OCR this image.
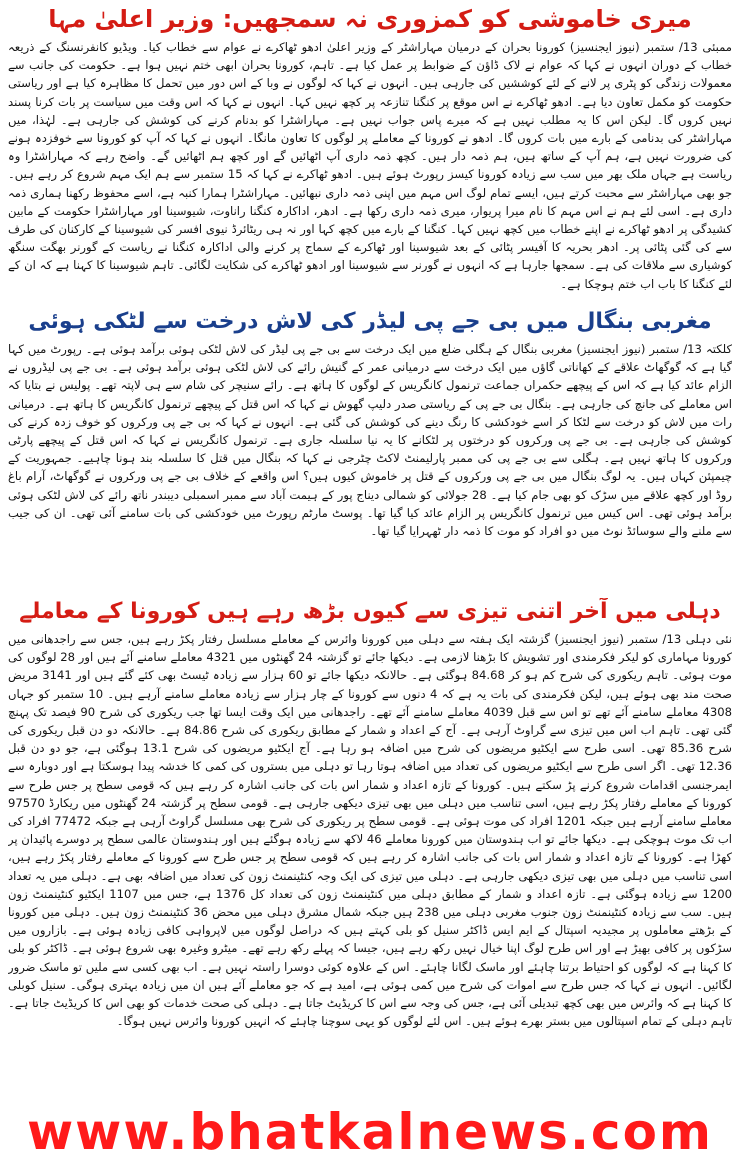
میری خاموشی کو کمزوری نہ سمجھیں: وزیر اعلیٰ مہا

ممبئی 13/ ستمبر (نیوز ایجنسیز) کورونا بحران کے درمیان مہاراشٹر کے وزیر اعلیٰ ادھو ٹھاکرے نے عوام سے خطاب کیا۔ ویڈیو کانفرنسنگ کے ذریعہ خطاب کے دوران انہوں نے کہا کہ عوام نے لاک ڈاؤن کے ضوابط پر عمل کیا ہے۔ تاہم، کورونا بحران ابھی ختم نہیں ہوا ہے۔ حکومت کی جانب سے معمولات زندگی کو پٹری پر لانے کے لئے کوششیں کی جارہی ہیں۔ انہوں نے کہا کہ لوگوں نے وبا کے اس دور میں تحمل کا مظاہرہ کیا ہے اور ریاستی حکومت کو مکمل تعاون دیا ہے۔ ادھو ٹھاکرے نے اس موقع پر کنگنا تنازعہ پر کچھ نہیں کہا۔ انہوں نے کہا کہ اس وقت میں سیاست پر بات کرنا پسند نہیں کروں گا۔ لیکن اس کا یہ مطلب نہیں ہے کہ میرے پاس جواب نہیں ہے۔ مہاراشٹرا کو بدنام کرنے کی کوشش کی جارہی ہے۔ لہٰذا، میں مہاراشٹر کی بدنامی کے بارے میں بات کروں گا۔ ادھو نے کورونا کے معاملے پر لوگوں کا تعاون مانگا۔ انہوں نے کہا کہ آپ کو کورونا سے خوفزدہ ہونے کی ضرورت نہیں ہے، ہم آپ کے ساتھ ہیں، ہم ذمہ دار ہیں۔ کچھ ذمہ داری آپ اٹھائیں گے اور کچھ ہم اٹھائیں گے۔ واضح رہے کہ مہاراشٹرا وہ ریاست ہے جہاں ملک بھر میں سب سے زیادہ کورونا کیسز رپورٹ ہوئے ہیں۔ ادھو ٹھاکرے نے کہا کہ 15 ستمبر سے ہم ایک مہم شروع کر رہے ہیں۔ جو بھی مہاراشٹر سے محبت کرتے ہیں، ایسے تمام لوگ اس مہم میں اپنی ذمہ داری نبھائیں۔ مہاراشٹرا ہمارا کنبہ ہے، اسے محفوظ رکھنا ہماری ذمہ داری ہے۔ اسی لئے ہم نے اس مہم کا نام میرا پریوار، میری ذمہ داری رکھا ہے۔ ادھر، اداکارہ کنگنا راناوت، شیوسینا اور مہاراشٹرا حکومت کے مابین کشیدگی پر ادھو ٹھاکرے نے اپنے خطاب میں کچھ نہیں کہا۔ کنگنا کے بارے میں کچھ کہا اور نہ ہی ریٹائرڈ نیوی افسر کی شیوسینا کے کارکنان کی طرف سے کی گئی پٹائی پر۔ ادھر بحریہ کا آفیسر پٹائی کے بعد شیوسینا اور ٹھاکرے کے سماج پر کرنے والی اداکارہ کنگنا نے ریاست کے گورنر بھگت سنگھ کوشیاری سے ملاقات کی ہے۔ سمجھا جارہا ہے کہ انہوں نے گورنر سے شیوسینا اور ادھو ٹھاکرے کی شکایت لگائی۔ تاہم شیوسینا کا کہنا ہے کہ ان کے لئے کنگنا کا باب اب ختم ہوچکا ہے۔

مغربی بنگال میں بی جے پی لیڈر کی لاش درخت سے لٹکی ہوئی

کلکتہ 13/ ستمبر (نیوز ایجنسیز) مغربی بنگال کے ہگلی ضلع میں ایک درخت سے بی جے پی لیڈر کی لاش لٹکی ہوئی برآمد ہوئی ہے۔ رپورٹ میں کہا گیا ہے کہ گوگھاٹ علاقے کے کھاناتی گاؤں میں ایک درخت سے درمیانی عمر کے گنیش رائے کی لاش لٹکی ہوئی برآمد ہوئی ہے۔ بی جے پی لیڈروں نے الزام عائد کیا ہے کہ اس کے پیچھے حکمراں جماعت ترنمول کانگریس کے لوگوں کا ہاتھ ہے۔ رائے سنیچر کی شام سے ہی لاپتہ تھے۔ پولیس نے بتایا کہ اس معاملے کی جانچ کی جارہی ہے۔ بنگال بی جے پی کے ریاستی صدر دلیپ گھوش نے کہا کہ اس قتل کے پیچھے ترنمول کانگریس کا ہاتھ ہے۔ درمیانی رات میں لاش کو درخت سے لٹکا کر اسے خودکشی کا رنگ دینے کی کوشش کی گئی ہے۔ انہوں نے کہا کہ بی جے پی ورکروں کو خوف زدہ کرنے کی کوشش کی جارہی ہے۔ بی جے پی ورکروں کو درختوں پر لٹکانے کا یہ نیا سلسلہ جاری ہے۔ ترنمول کانگریس نے کہا کہ اس قتل کے پیچھے پارٹی ورکروں کا ہاتھ نہیں ہے۔ ہگلی سے بی جے پی کی ممبر پارلیمنٹ لاکٹ چٹرجی نے کہا کہ بنگال میں قتل کا سلسلہ بند ہونا چاہیے۔ جمہوریت کے چیمپئن کہاں ہیں۔ یہ لوگ بنگال میں بی جے پی ورکروں کے قتل پر خاموش کیوں ہیں؟ اس واقعے کے خلاف بی جے پی ورکروں نے گوگھاٹ، آرام باغ روڈ اور کچھ علاقے میں سڑک کو بھی جام کیا ہے۔ 28 جولائی کو شمالی دیناج پور کے ہیمت آباد سے ممبر اسمبلی دیبندر ناتھ رائے کی لاش لٹکی ہوئی برآمد ہوئی تھی۔ اس کیس میں ترنمول کانگریس پر الزام عائد کیا گیا تھا۔ پوسٹ مارٹم رپورٹ میں خودکشی کی بات سامنے آئی تھی۔ ان کی جیب سے ملنے والے سوسائڈ نوٹ میں دو افراد کو موت کا ذمہ دار ٹھہرایا گیا تھا۔

دہلی میں آخر اتنی تیزی سے کیوں بڑھ رہے ہیں کورونا کے معاملے

نئی دہلی 13/ ستمبر (نیوز ایجنسیز) گزشتہ ایک ہفتہ سے دہلی میں کورونا وائرس کے معاملے مسلسل رفتار پکڑ رہے ہیں، جس سے راجدھانی میں کورونا مہاماری کو لیکر فکرمندی اور تشویش کا بڑھنا لازمی ہے۔ دیکھا جائے تو گزشتہ 24 گھنٹوں میں 4321 معاملے سامنے آئے ہیں اور 28 لوگوں کی موت ہوئی۔ تاہم ریکوری کی شرح کم ہو کر 84.68 ہوگئی ہے۔ حالانکہ دیکھا جائے تو 60 ہزار سے زیادہ ٹیسٹ بھی کئے گئے ہیں اور 3141 مریض صحت مند بھی ہوئے ہیں، لیکن فکرمندی کی بات یہ ہے کہ 4 دنوں سے کورونا کے چار ہزار سے زیادہ معاملے سامنے آرہے ہیں۔ 10 ستمبر کو جہاں 4308 معاملے سامنے آئے تھے تو اس سے قبل 4039 معاملے سامنے آئے تھے۔ راجدھانی میں ایک وقت ایسا تھا جب ریکوری کی شرح 90 فیصد تک پہنچ گئی تھی۔ تاہم اب اس میں تیزی سے گراوٹ آرہی ہے۔ آج کے اعداد و شمار کے مطابق ریکوری کی شرح 84.86 ہے۔ حالانکہ دو دن قبل ریکوری کی شرح 85.36 تھی۔ اسی طرح سے ایکٹیو مریضوں کی شرح میں اضافہ ہو رہا ہے۔ آج ایکٹیو مریضوں کی شرح 13.1 ہوگئی ہے، جو دو دن قبل 12.36 تھی۔ اگر اسی طرح سے ایکٹیو مریضوں کی تعداد میں اضافہ ہوتا رہا تو دہلی میں بستروں کی کمی کا خدشہ پیدا ہوسکتا ہے اور دوبارہ سے ایمرجنسی اقدامات شروع کرنے پڑ سکتے ہیں۔ کورونا کے تازہ اعداد و شمار اس بات کی جانب اشارہ کر رہے ہیں کہ قومی سطح پر جس طرح سے کورونا کے معاملے رفتار پکڑ رہے ہیں، اسی تناسب میں دہلی میں بھی تیزی دیکھی جارہی ہے۔ قومی سطح پر گزشتہ 24 گھنٹوں میں ریکارڈ 97570 معاملے سامنے آرہے ہیں جبکہ 1201 افراد کی موت ہوئی ہے۔ قومی سطح پر ریکوری کی شرح بھی مسلسل گراوٹ آرہی ہے جبکہ 77472 افراد کی اب تک موت ہوچکی ہے۔ دیکھا جائے تو اب ہندوستان میں کورونا معاملے 46 لاکھ سے زیادہ ہوگئے ہیں اور ہندوستان عالمی سطح پر دوسرے پائیدان پر کھڑا ہے۔ کورونا کے تازہ اعداد و شمار اس بات کی جانب اشارہ کر رہے ہیں کہ قومی سطح پر جس طرح سے کورونا کے معاملے رفتار پکڑ رہے ہیں، اسی تناسب میں دہلی میں بھی تیزی دیکھی جارہی ہے۔ دہلی میں تیزی کی ایک وجہ کنٹینمنٹ زون کی تعداد میں اضافہ بھی ہے۔ دہلی میں یہ تعداد 1200 سے زیادہ ہوگئی ہے۔ تازہ اعداد و شمار کے مطابق دہلی میں کنٹینمنٹ زون کی تعداد کل 1376 ہے، جس میں 1107 ایکٹیو کنٹینمنٹ زون ہیں۔ سب سے زیادہ کنٹینمنٹ زون جنوب مغربی دہلی میں 238 ہیں جبکہ شمال مشرق دہلی میں محض 36 کنٹینمنٹ زون ہیں۔ دہلی میں کورونا کے بڑھتے معاملوں پر مجیدیہ اسپتال کے ایم ایس ڈاکٹر سنیل کو بلی کہتے ہیں کہ دراصل لوگوں میں لاپرواہی کافی زیادہ ہوئی ہے۔ بازاروں میں سڑکوں پر کافی بھیڑ ہے اور اس طرح لوگ اپنا خیال نہیں رکھ رہے ہیں، جیسا کہ پہلے رکھ رہے تھے۔ میٹرو وغیرہ بھی شروع ہوئی ہے۔ ڈاکٹر کو بلی کا کہنا ہے کہ لوگوں کو احتیاط برتنا چاہئے اور ماسک لگانا چاہئے۔ اس کے علاوہ کوئی دوسرا راستہ نہیں ہے۔ اب بھی کسی سے ملیں تو ماسک ضرور لگائیں۔ انہوں نے کہا کہ جس طرح سے اموات کی شرح میں کمی ہوئی ہے، امید ہے کہ جو معاملے آئے ہیں ان میں زیادہ بہتری ہوگی۔ سنیل کوبلی کا کہنا ہے کہ وائرس میں بھی کچھ تبدیلی آئی ہے، جس کی وجہ سے اس کا کریڈیٹ جاتا ہے۔ دہلی کی صحت خدمات کو بھی اس کا کریڈیٹ جاتا ہے۔ تاہم دہلی کے تمام اسپتالوں میں بستر بھرے ہوئے ہیں۔ اس لئے لوگوں کو یہی سوچنا چاہئے کہ انہیں کورونا وائرس نہیں ہوگا۔

www.bhatkalnews.com
